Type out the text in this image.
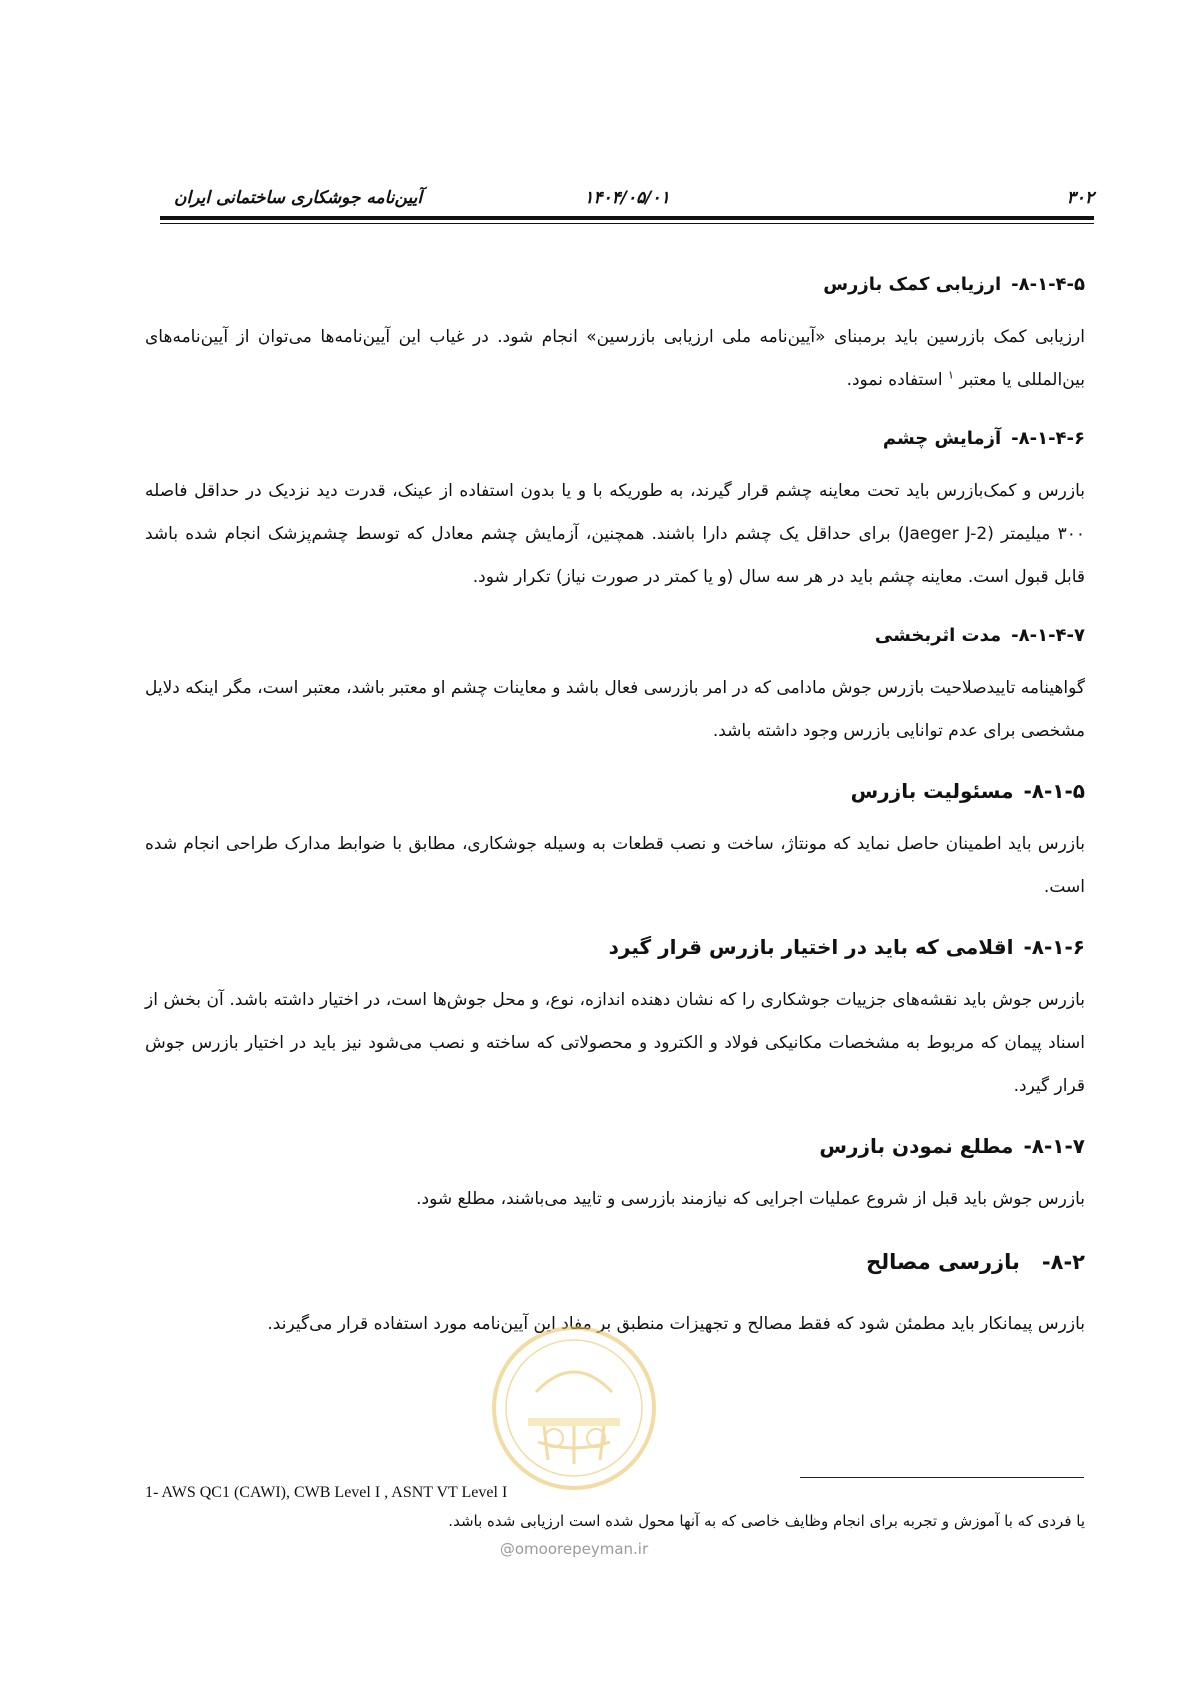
۳۰۲
۱۴۰۴/۰۵/۰۱
آیین‌نامه جوشکاری ساختمانی ایران
۸-۱-۴-۵-ارزیابی کمک بازرس

ارزیابی کمک بازرسین باید برمبنای «آیین‌نامه ملی ارزیابی بازرسین» انجام شود. در غیاب این آیین‌نامه‌ها می‌توان از آیین‌نامه‌های بین‌المللی یا معتبر $^۱$ استفاده نمود.

۸-۱-۴-۶-آزمایش چشم

بازرس و کمک‌بازرس باید تحت معاینه چشم قرار گیرند، به طوریکه با و یا بدون استفاده از عینک، قدرت دید نزدیک در حداقل فاصله ۳۰۰ میلیمتر (Jaeger J-2) برای حداقل یک چشم دارا باشند. همچنین، آزمایش چشم معادل که توسط چشم‌پزشک انجام شده باشد قابل قبول است. معاینه چشم باید در هر سه سال (و یا کمتر در صورت نیاز) تکرار شود.

۸-۱-۴-۷-مدت اثربخشی

گواهینامه تاییدصلاحیت بازرس جوش مادامی که در امر بازرسی فعال باشد و معاینات چشم او معتبر باشد، معتبر است، مگر اینکه دلایل مشخصی برای عدم توانایی بازرس وجود داشته باشد.

۸-۱-۵-مسئولیت بازرس

بازرس باید اطمینان حاصل نماید که مونتاژ، ساخت و نصب قطعات به وسیله جوشکاری، مطابق با ضوابط مدارک طراحی انجام شده است.

۸-۱-۶-اقلامی که باید در اختیار بازرس قرار گیرد

بازرس جوش باید نقشه‌های جزییات جوشکاری را که نشان دهنده اندازه، نوع، و محل جوش‌ها است، در اختیار داشته باشد. آن بخش از اسناد پیمان که مربوط به مشخصات مکانیکی فولاد و الکترود و محصولاتی که ساخته و نصب می‌شود نیز باید در اختیار بازرس جوش قرار گیرد.

۸-۱-۷-مطلع نمودن بازرس

بازرس جوش باید قبل از شروع عملیات اجرایی که نیازمند بازرسی و تایید می‌باشند، مطلع شود.

۸-۲-بازرسی مصالح

بازرس پیمانکار باید مطمئن شود که فقط مصالح و تجهیزات منطبق بر مفاد این آیین‌نامه مورد استفاده قرار می‌گیرند.

1- AWS QC1 (CAWI), CWB Level I , ASNT VT Level I
یا فردی که با آموزش و تجربه برای انجام وظایف خاصی که به آنها محول شده است ارزیابی شده باشد.
@omoorepeyman.ir
